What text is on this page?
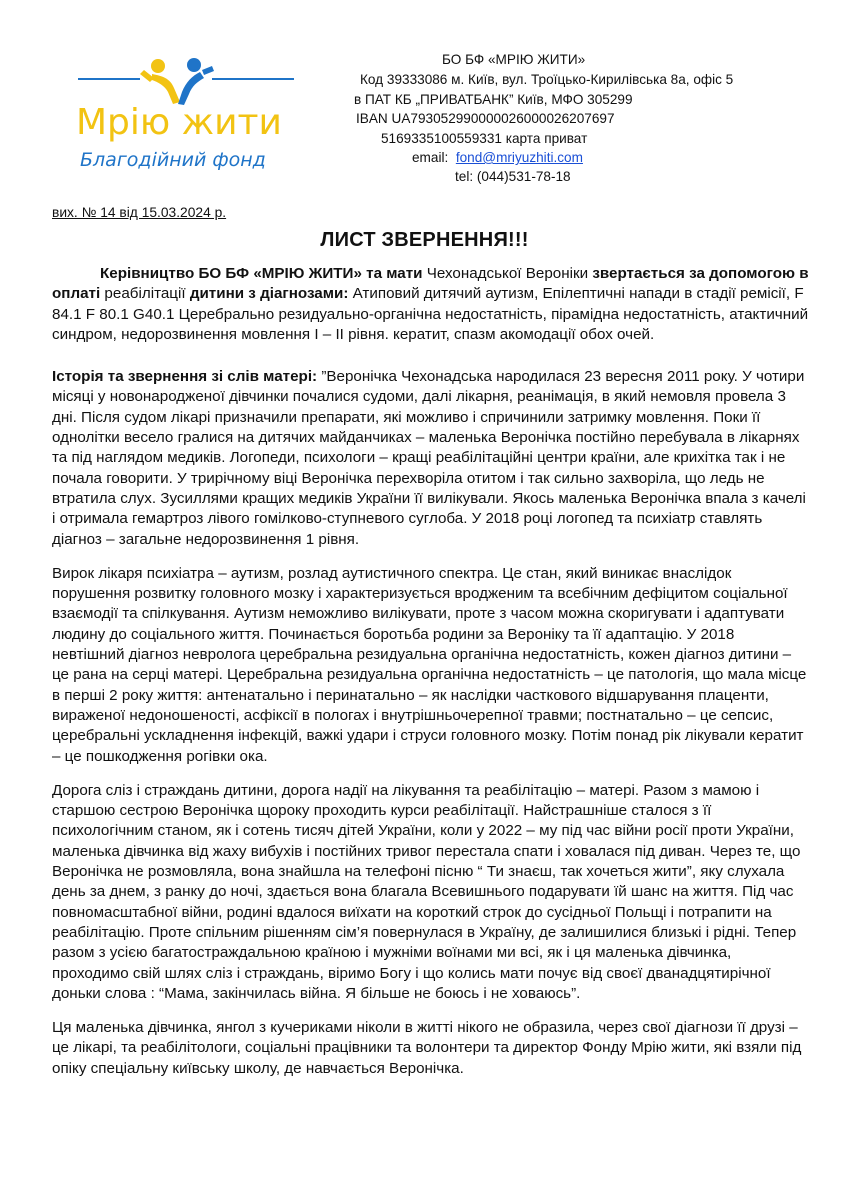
Мрію жити
Благодійний фонд
БО БФ «МРІЮ ЖИТИ»
Код 39333086 м. Київ, вул. Троїцько-Кирилівська 8а, офіс 5
в ПАТ КБ „ПРИВАТБАНК” Київ, МФО 305299
IBAN UA793052990000026000026207697
5169335100559331 карта приват
email: fond@mriyuzhiti.com
tel: (044)531-78-18
вих. № 14 від 15.03.2024 р.
ЛИСТ ЗВЕРНЕННЯ!!!

Керівництво БО БФ «МРІЮ ЖИТИ» та мати Чехонадської Вероніки звертається за допомогою в оплаті реабілітації дитини з діагнозами: Атиповий дитячий аутизм, Епілептичні напади в стадії ремісії, F 84.1 F 80.1 G40.1 Церебрально резидуально-органічна недостатність, пірамідна недостатність, атактичний синдром, недорозвинення мовлення І – ІІ рівня. кератит, спазм акомодації обох очей.

Історія та звернення зі слів матері: ”Веронічка Чехонадська народилася 23 вересня 2011 року. У чотири місяці у новонародженої дівчинки почалися судоми, далі лікарня, реанімація, в який немовля провела 3 дні. Після судом лікарі призначили препарати, які можливо і спричинили затримку мовлення. Поки її однолітки весело гралися на дитячих майданчиках – маленька Веронічка постійно перебувала в лікарнях та під наглядом медиків. Логопеди, психологи – кращі реабілітаційні центри країни, але крихітка так і не почала говорити. У трирічному віці Веронічка перехворіла отитом і так сильно захворіла, що ледь не втратила слух. Зусиллями кращих медиків України її вилікували. Якось маленька Веронічка впала з качелі і отримала гемартроз лівого гомілково-ступневого суглоба. У 2018 році логопед та психіатр ставлять діагноз – загальне недорозвинення 1 рівня.

Вирок лікаря психіатра – аутизм, розлад аутистичного спектра. Це стан, який виникає внаслідок порушення розвитку головного мозку і характеризується вродженим та всебічним дефіцитом соціальної взаємодії та спілкування. Аутизм неможливо вилікувати, проте з часом можна скоригувати і адаптувати людину до соціального життя. Починається боротьба родини за Вероніку та її адаптацію. У 2018 невтішний діагноз невролога церебральна резидуальна органічна недостатність, кожен діагноз дитини – це рана на серці матері. Церебральна резидуальна органічна недостатність – це патологія, що мала місце в перші 2 року життя: антенатально і перинатально – як наслідки часткового відшарування плаценти, вираженої недоношеності, асфіксії в пологах і внутрішньочерепної травми; постнатально – це сепсис, церебральні ускладнення інфекцій, важкі удари і струси головного мозку. Потім понад рік лікували кератит – це пошкодження рогівки ока.

Дорога сліз і страждань дитини, дорога надії на лікування та реабілітацію – матері. Разом з мамою і старшою сестрою Веронічка щороку проходить курси реабілітації. Найстрашніше сталося з її психологічним станом, як і сотень тисяч дітей України, коли у 2022 – му під час війни росії проти України, маленька дівчинка від жаху вибухів і постійних тривог перестала спати і ховалася під диван. Через те, що Веронічка не розмовляла, вона знайшла на телефоні пісню “ Ти знаєш, так хочеться жити”, яку слухала день за днем, з ранку до ночі, здається вона благала Всевишнього подарувати їй шанс на життя. Під час повномасштабної війни, родині вдалося виїхати на короткий строк до сусідньої Польщі і потрапити на реабілітацію. Проте спільним рішенням сім’я повернулася в Україну, де залишилися близькі і рідні. Тепер разом з усією багатостраждальною країною і мужніми воїнами ми всі, як і ця маленька дівчинка, проходимо свій шлях сліз і страждань, віримо Богу і що колись мати почує від своєї дванадцятирічної доньки слова : “Мама, закінчилась війна. Я більше не боюсь і не ховаюсь”.

Ця маленька дівчинка, янгол з кучериками ніколи в житті нікого не образила, через свої діагнози її друзі – це лікарі, та реабілітологи, соціальні працівники та волонтери та директор Фонду Мрію жити, які взяли під опіку спеціальну київську школу, де навчається Веронічка.
